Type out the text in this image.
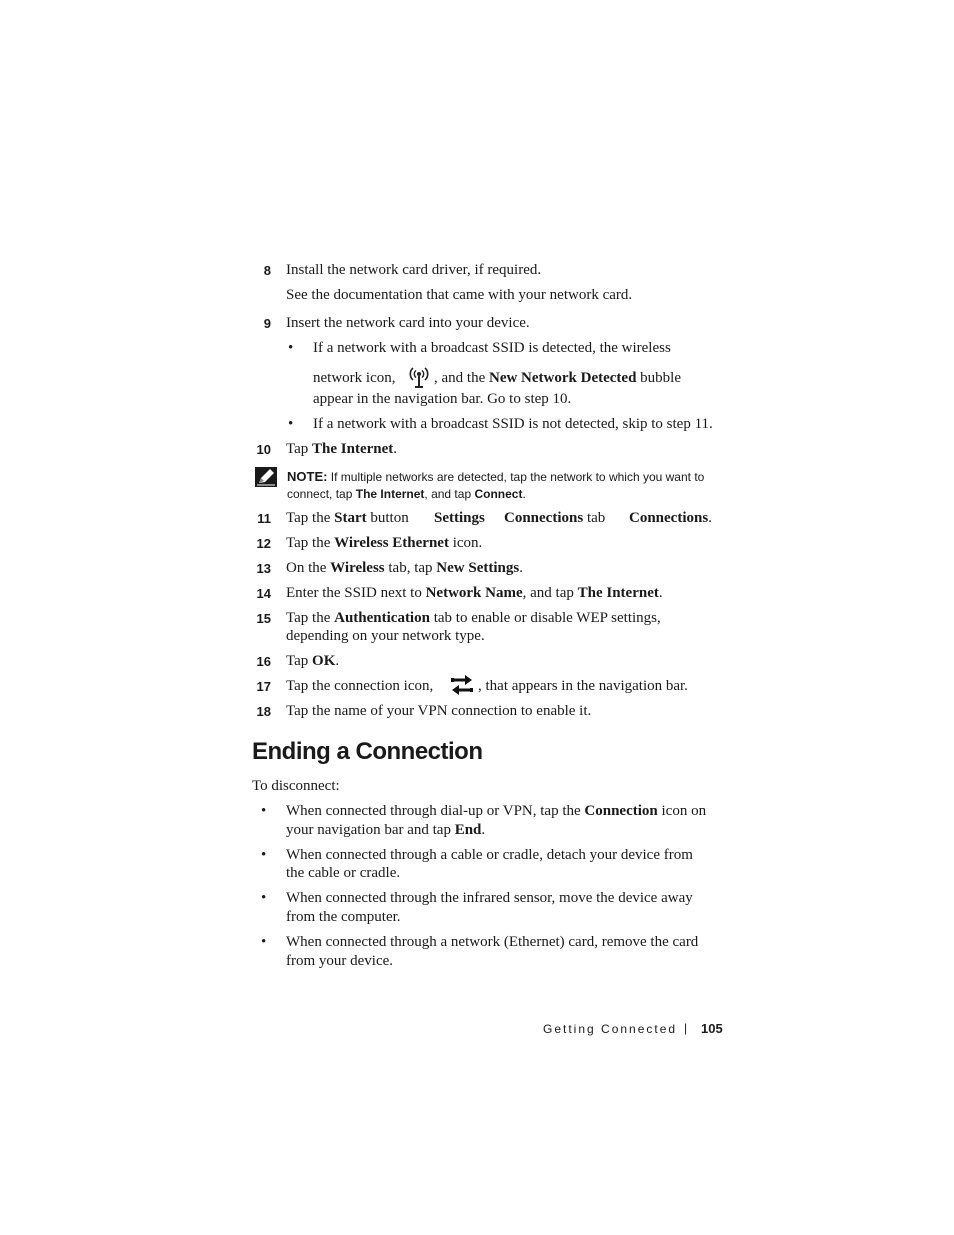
8 Install the network card driver, if required.
See the documentation that came with your network card.
9 Insert the network card into your device.
• If a network with a broadcast SSID is detected, the wireless
network icon,	, and the New Network Detected bubble
appear in the navigation bar. Go to step 10.
• If a network with a broadcast SSID is not detected, skip to step 11.
10 Tap The Internet.
NOTE: If multiple networks are detected, tap the network to which you want to
connect, tap The Internet, and tap Connect.
11 Tap the Start button Settings Connections tab Connections.
12 Tap the Wireless Ethernet icon.
13 On the Wireless tab, tap New Settings.
14 Enter the SSID next to Network Name, and tap The Internet.
15 Tap the Authentication tab to enable or disable WEP settings,
depending on your network type.
16 Tap OK.
17 Tap the connection icon,	, that appears in the navigation bar.
18 Tap the name of your VPN connection to enable it.
Ending a Connection
To disconnect:
• When connected through dial-up or VPN, tap the Connection icon on
your navigation bar and tap End.
• When connected through a cable or cradle, detach your device from
the cable or cradle.
• When connected through the infrared sensor, move the device away
from the computer.
• When connected through a network (Ethernet) card, remove the card
from your device.
Getting Connected | 105
